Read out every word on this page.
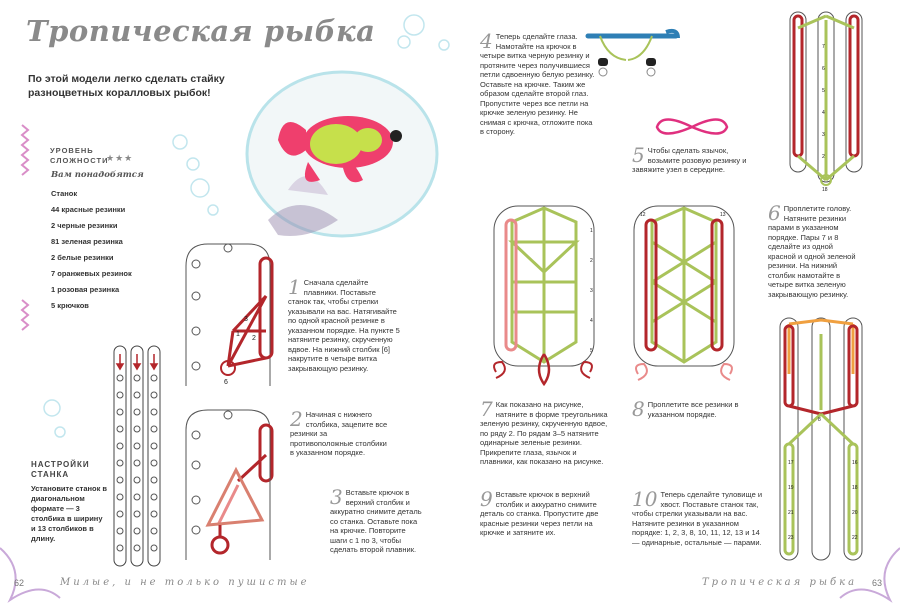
Тропическая рыбка
По этой модели легко сделать стайку разноцветных коралловых рыбок!
УРОВЕНЬ
СЛОЖНОСТИ
★★★
Вам понадобятся
Станок
44 красные резинки
2 черные резинки
81 зеленая резинка
2 белые резинки
7 оранжевых резинок
1 розовая резинка
5 крючков
НАСТРОЙКИ
СТАНКА
Установите станок в диагональном формате — 3 столбика в ширину и 13 столбиков в длину.
1
3
2
6
1 Сначала сделайте плавники. Поставьте станок так, чтобы стрелки указывали на вас. Натягивайте по одной красной резинке в указанном порядке. На пункте 5 натяните резинку, скрученную вдвое. На нижний столбик [6] накрутите в четыре витка закрывающую резинку.
2 Начиная с нижнего столбика, зацепите все резинки за противоположные столбики в указанном порядке.
3 Вставьте крючок в верхний столбик и аккуратно снимите деталь со станка. Оставьте пока на крючке. Повторите шаги с 1 по 3, чтобы сделать второй плавник.
Милые, и не только пушистые
62
4 Теперь сделайте глаза. Намотайте на крючок в четыре витка черную резинку и протяните через получившиеся петли сдвоенную белую резинку. Оставьте на крючке. Таким же образом сделайте второй глаз. Пропустите через все петли на крючке зеленую резинку. Не снимая с крючка, отложите пока в сторону.
5 Чтобы сделать язычок, возьмите розовую резинку и завяжите узел в середине.
7
6
5
4
3
2
18
6 Проплетите голову. Натяните резинки парами в указанном порядке. Пары 7 и 8 сделайте из одной красной и одной зеленой резинки. На нижний столбик намотайте в четыре витка зеленую закрывающую резинку.
1
2
3
4
5
7 Как показано на рисунке, натяните в форме треугольника зеленую резинку, скрученную вдвое, по ряду 2. По рядам 3–5 натяните одинарные зеленые резинки. Прикрепите глаза, язычок и плавники, как показано на рисунке.
12	13
8 Проплетите все резинки в указанном порядке.
9 Вставьте крючок в верхний столбик и аккуратно снимите деталь со станка. Пропустите две красные резинки через петли на крючке и затяните их.
10 Теперь сделайте туловище и хвост. Поставьте станок так, чтобы стрелки указывали на вас. Натяните резинки в указанном порядке: 1, 2, 3, 8, 10, 11, 12, 13 и 14 — одинарные, остальные — парами.
17
19
21
23
16
18
20
22
8
Тропическая рыбка 63
